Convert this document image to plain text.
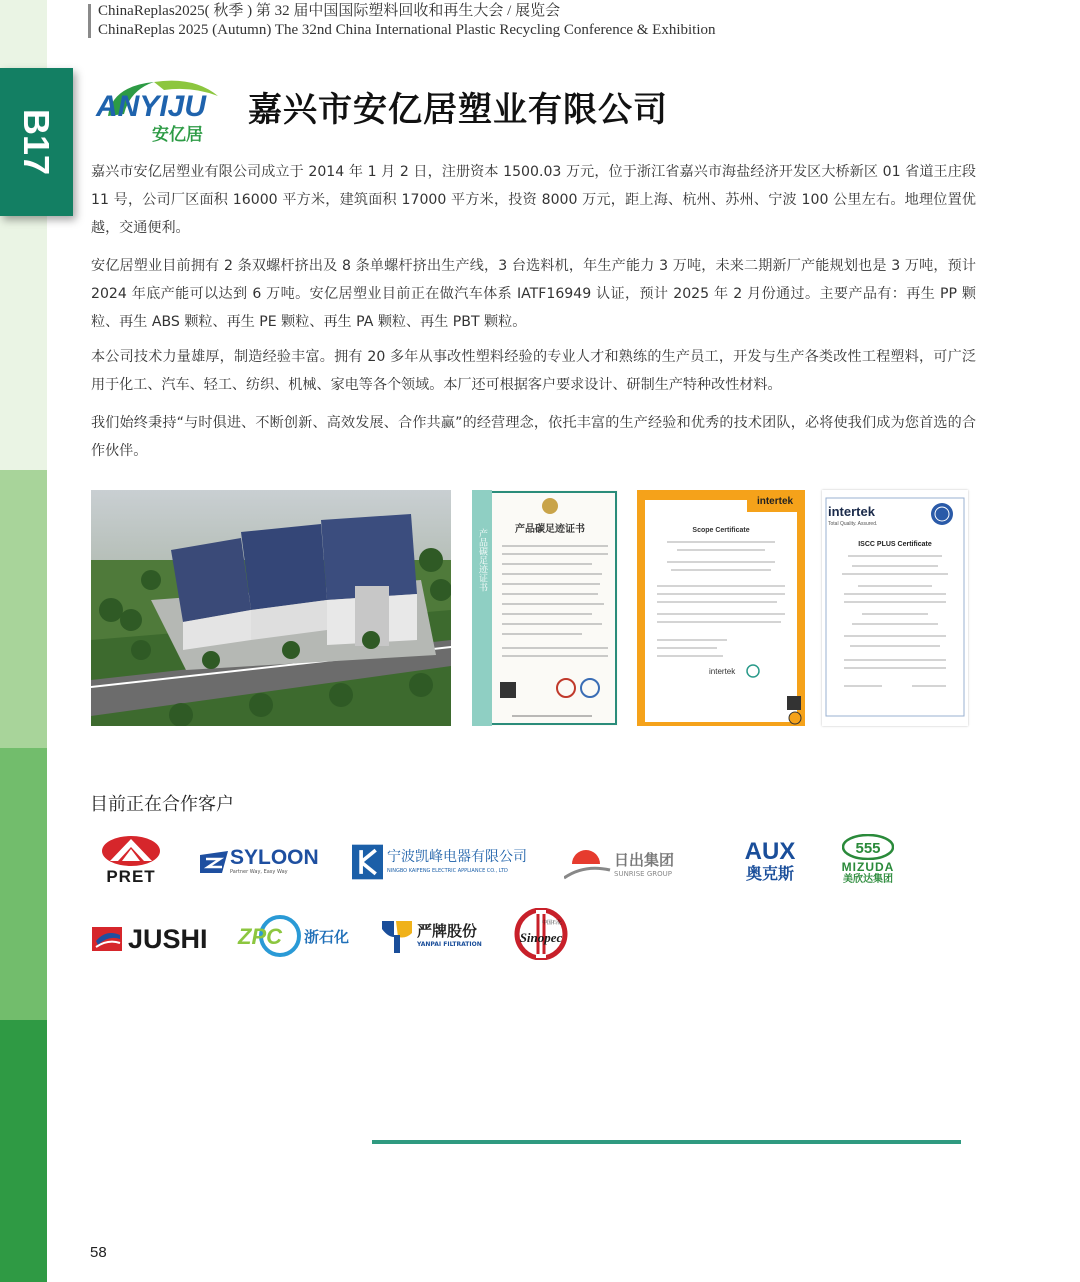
B17
ChinaReplas2025( 秋季 ) 第 32 届中国国际塑料回收和再生大会 / 展览会
ChinaReplas 2025 (Autumn) The 32nd China International Plastic Recycling Conference & Exhibition
ANYIJU
安亿居
嘉兴市安亿居塑业有限公司

嘉兴市安亿居塑业有限公司成立于 2014 年 1 月 2 日，注册资本 1500.03 万元，位于浙江省嘉兴市海盐经济开发区大桥新区 01 省道王庄段 11 号，公司厂区面积 16000 平方米，建筑面积 17000 平方米，投资 8000 万元，距上海、杭州、苏州、宁波 100 公里左右。地理位置优越，交通便利。

安亿居塑业目前拥有 2 条双螺杆挤出及 8 条单螺杆挤出生产线，3 台选料机，年生产能力 3 万吨，未来二期新厂产能规划也是 3 万吨，预计 2024 年底产能可以达到 6 万吨。安亿居塑业目前正在做汽车体系 IATF16949 认证，预计 2025 年 2 月份通过。主要产品有：再生 PP 颗粒、再生 ABS 颗粒、再生 PE 颗粒、再生 PA 颗粒、再生 PBT 颗粒。

本公司技术力量雄厚，制造经验丰富。拥有 20 多年从事改性塑料经验的专业人才和熟练的生产员工，开发与生产各类改性工程塑料，可广泛用于化工、汽车、轻工、纺织、机械、家电等各个领域。本厂还可根据客户要求设计、研制生产特种改性材料。

我们始终秉持“与时俱进、不断创新、高效发展、合作共赢”的经营理念，依托丰富的生产经验和优秀的技术团队，必将使我们成为您首选的合作伙伴。

产品碳足迹证书
产品碳足迹证书
intertek
Scope Certificate
intertek
intertek
Total Quality. Assured.
ISCC PLUS Certificate
目前正在合作客户
PRET
SYLOON
Partner Way, Easy Way
宁波凯峰电器有限公司
NINGBO KAIFENG ELECTRIC APPLIANCE CO., LTD
日出集团
SUNRISE GROUP
AUX
奥克斯
555
MIZUDA
美欣达集团
JUSHI ZPC 浙石化	严牌股份
YANPAI FILTRATION	Sinopec
中国石化
58
